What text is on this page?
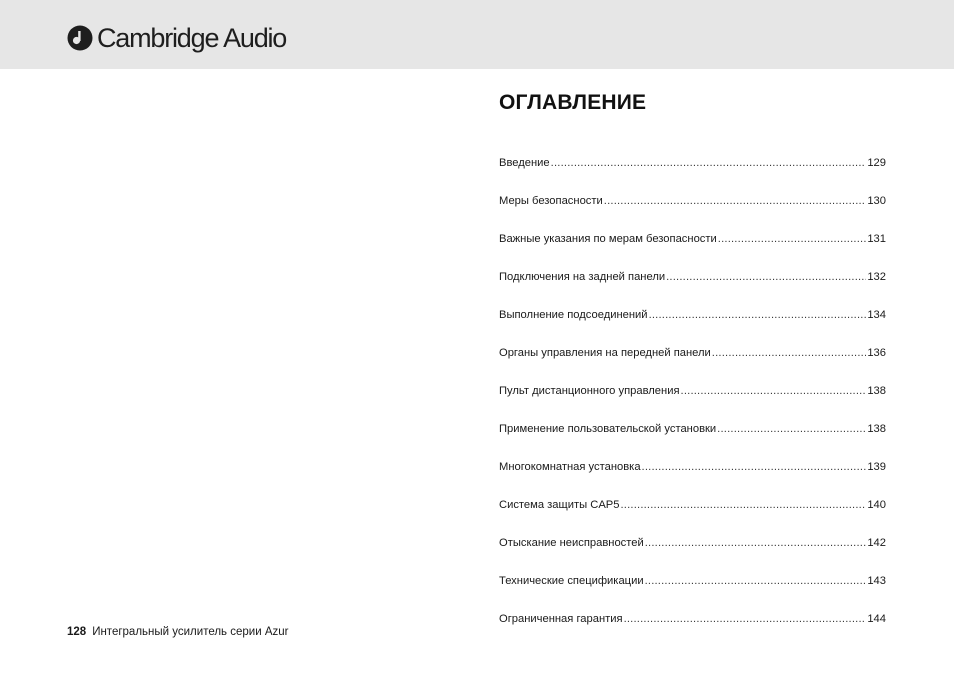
Cambridge Audio
ОГЛАВЛЕНИЕ
Введение .....	129
Меры безопасности .....	130
Важные указания по мерам безопасности .....	131
Подключения на задней панели .....	132
Выполнение подсоединений .....	134
Органы управления на передней панели .....	136
Пульт дистанционного управления .....	138
Применение пользовательской установки .....	138
Многокомнатная установка .....	139
Система защиты CAP5 .....	140
Отыскание неисправностей .....	142
Технические спецификации .....	143
Ограниченная гарантия .....	144
128 Интегральный усилитель серии Azur
